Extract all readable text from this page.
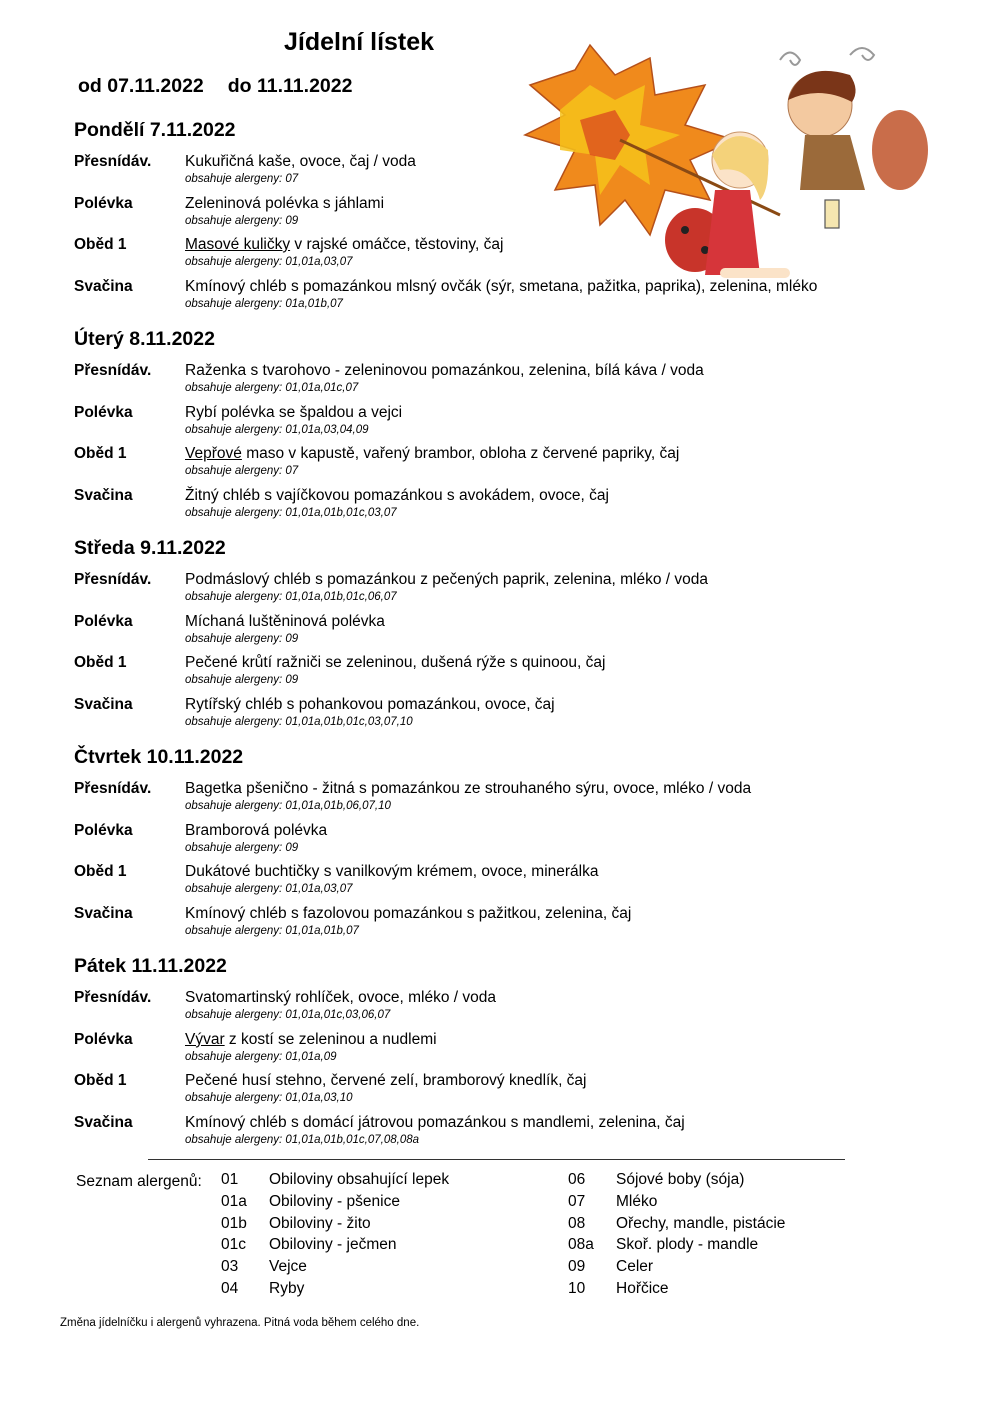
Jídelní lístek
od 07.11.2022 do 11.11.2022
Pondělí 7.11.2022
Přesnídáv. Kukuřičná kaše, ovoce, čaj / voda
obsahuje alergeny: 07
Polévka	Zeleninová polévka s jáhlami
obsahuje alergeny: 09
Oběd 1	Masové kuličky v rajské omáčce, těstoviny, čaj
obsahuje alergeny: 01,01a,03,07
Svačina	Kmínový chléb s pomazánkou mlsný ovčák (sýr, smetana, pažitka, paprika), zelenina, mléko
obsahuje alergeny: 01a,01b,07
Úterý 8.11.2022
Přesnídáv. Raženka s tvarohovo - zeleninovou pomazánkou, zelenina, bílá káva / voda
obsahuje alergeny: 01,01a,01c,07
Polévka	Rybí polévka se špaldou a vejci
obsahuje alergeny: 01,01a,03,04,09
Oběd 1	Vepřové maso v kapustě, vařený brambor, obloha z červené papriky, čaj
obsahuje alergeny: 07
Svačina	Žitný chléb s vajíčkovou pomazánkou s avokádem, ovoce, čaj
obsahuje alergeny: 01,01a,01b,01c,03,07
Středa 9.11.2022
Přesnídáv. Podmáslový chléb s pomazánkou z pečených paprik, zelenina, mléko / voda
obsahuje alergeny: 01,01a,01b,01c,06,07
Polévka	Míchaná luštěninová polévka
obsahuje alergeny: 09
Oběd 1	Pečené krůtí ražniči se zeleninou, dušená rýže s quinoou, čaj
obsahuje alergeny: 09
Svačina	Rytířský chléb s pohankovou pomazánkou, ovoce, čaj
obsahuje alergeny: 01,01a,01b,01c,03,07,10
Čtvrtek 10.11.2022
Přesnídáv. Bagetka pšenično - žitná s pomazánkou ze strouhaného sýru, ovoce, mléko / voda
obsahuje alergeny: 01,01a,01b,06,07,10
Polévka	Bramborová polévka
obsahuje alergeny: 09
Oběd 1	Dukátové buchtičky s vanilkovým krémem, ovoce, minerálka
obsahuje alergeny: 01,01a,03,07
Svačina	Kmínový chléb s fazolovou pomazánkou s pažitkou, zelenina, čaj
obsahuje alergeny: 01,01a,01b,07
Pátek 11.11.2022
Přesnídáv. Svatomartinský rohlíček, ovoce, mléko / voda
obsahuje alergeny: 01,01a,01c,03,06,07
Polévka	Vývar z kostí se zeleninou a nudlemi
obsahuje alergeny: 01,01a,09
Oběd 1	Pečené husí stehno, červené zelí, bramborový knedlík, čaj
obsahuje alergeny: 01,01a,03,10
Svačina	Kmínový chléb s domácí játrovou pomazánkou s mandlemi, zelenina, čaj
obsahuje alergeny: 01,01a,01b,01c,07,08,08a
Seznam alergenů: 01 Obiloviny obsahující lepek
01a Obiloviny - pšenice
01b Obiloviny - žito
01c Obiloviny - ječmen
03 Vejce
04 Ryby
06 Sójové boby (sója)
07 Mléko
08 Ořechy, mandle, pistácie
08a Skoř. plody - mandle
09 Celer
10 Hořčice
Změna jídelníčku i alergenů vyhrazena. Pitná voda během celého dne.
